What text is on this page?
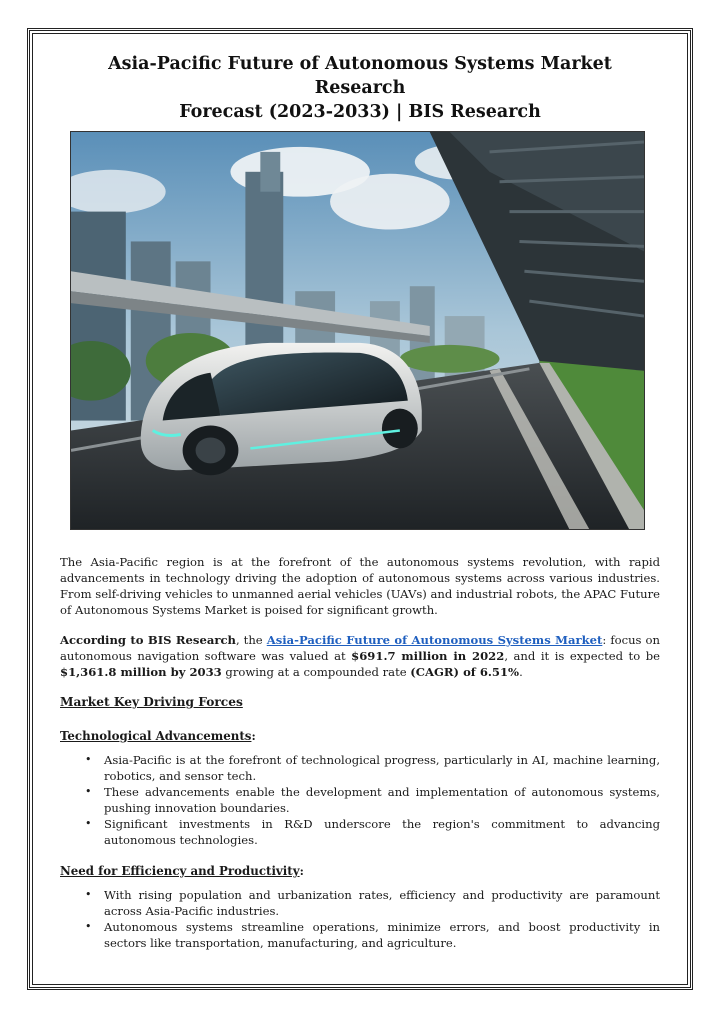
Asia-Pacific Future of Autonomous Systems Market Research
Forecast (2023-2033) | BIS Research

The Asia-Pacific region is at the forefront of the autonomous systems revolution, with rapid advancements in technology driving the adoption of autonomous systems across various industries. From self-driving vehicles to unmanned aerial vehicles (UAVs) and industrial robots, the APAC Future of Autonomous Systems Market is poised for significant growth.

According to BIS Research, the Asia-Pacific Future of Autonomous Systems Market: focus on autonomous navigation software was valued at $691.7 million in 2022, and it is expected to be $1,361.8 million by 2033 growing at a compounded rate (CAGR) of 6.51%.

Market Key Driving Forces
Technological Advancements:
• Asia-Pacific is at the forefront of technological progress, particularly in AI, machine learning, robotics, and sensor tech.
• These advancements enable the development and implementation of autonomous systems, pushing innovation boundaries.
• Significant investments in R&D underscore the region's commitment to advancing autonomous technologies.
Need for Efficiency and Productivity:
• With rising population and urbanization rates, efficiency and productivity are paramount across Asia-Pacific industries.
• Autonomous systems streamline operations, minimize errors, and boost productivity in sectors like transportation, manufacturing, and agriculture.
